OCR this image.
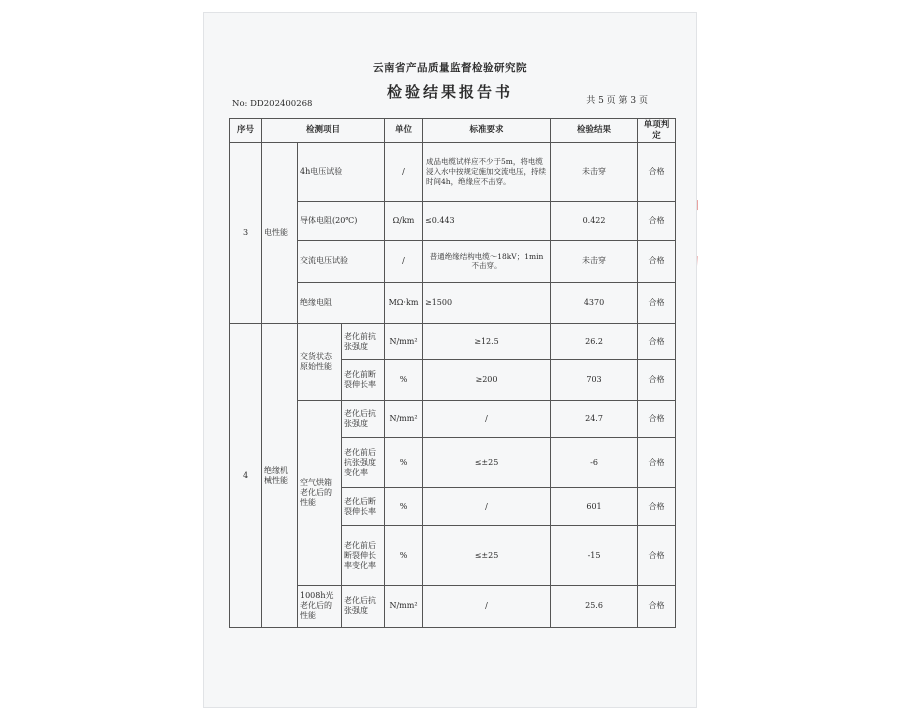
云南省产品质量监督检验研究院
检验结果报告书
No: DD202400268	共 5 页 第 3 页
序号	检测项目			单位	标准要求	检验结果	单项判定
3	电性能	4h电压试验		/	成品电缆试样应不少于5m，将电缆浸入水中按规定施加交流电压，持续时间4h，绝缘应不击穿。	未击穿	合格
		导体电阻(20℃)		Ω/km	≤0.443	0.422	合格
		交流电压试验		/	普通绝缘结构电缆～18kV；1min不击穿。	未击穿	合格
		绝缘电阻		MΩ·km	≥1500	4370	合格
4	绝缘机械性能	交货状态原始性能	老化前抗张强度	N/mm²	≥12.5	26.2	合格
			老化前断裂伸长率	%	≥200	703	合格
		空气烘箱老化后的性能	老化后抗张强度	N/mm²	/	24.7	合格
			老化前后抗张强度变化率	%	≤±25	-6	合格
			老化后断裂伸长率	%	/	601	合格
			老化前后断裂伸长率变化率	%	≤±25	-15	合格
		1008h光老化后的性能	老化后抗张强度	N/mm²	/	25.6	合格
